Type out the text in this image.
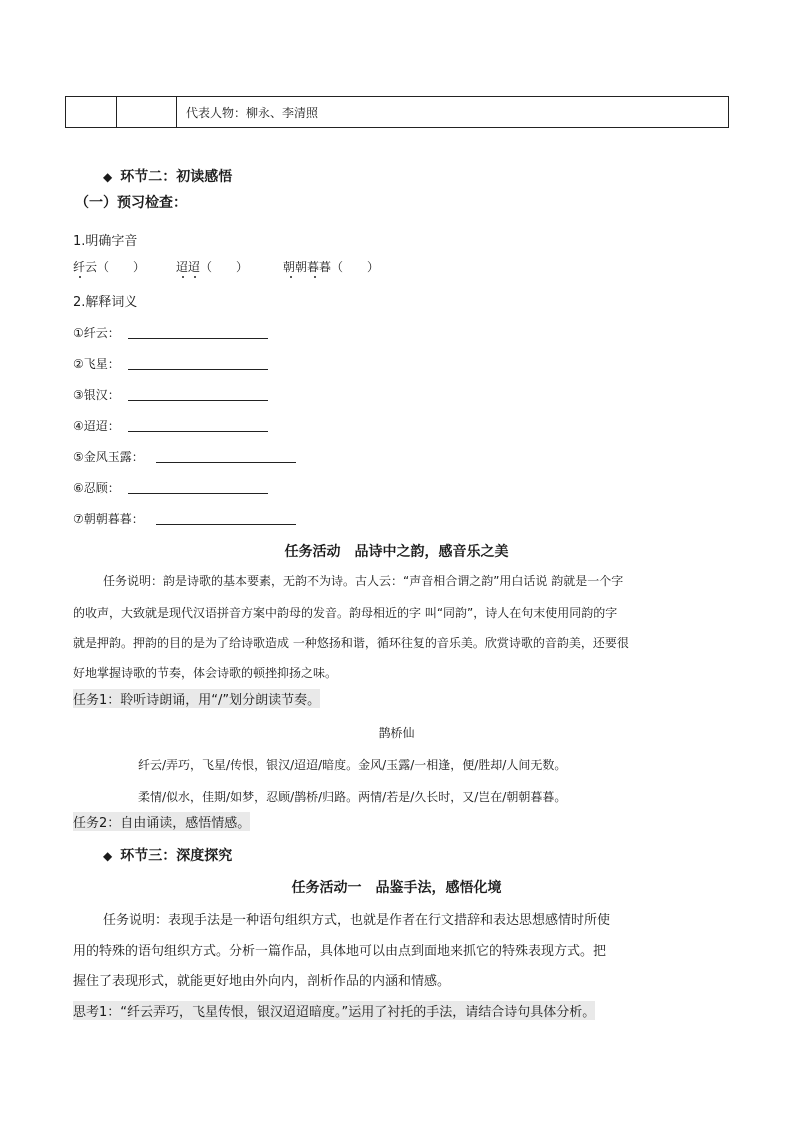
代表人物：柳永、李清照
◆ 环节二：初读感悟
（一）预习检查：
1.明确字音
纤云（　　）	迢迢（　　）	朝朝暮暮（　　）
2.解释词义
①纤云：
②飞星：
③银汉：
④迢迢：
⑤金风玉露：
⑥忍顾：
⑦朝朝暮暮：
任务活动　品诗中之韵，感音乐之美
任务说明：韵是诗歌的基本要素，无韵不为诗。古人云：“声音相合谓之韵”用白话说 韵就是一个字
的收声，大致就是现代汉语拼音方案中韵母的发音。韵母相近的字 叫“同韵”，诗人在句末使用同韵的字
就是押韵。押韵的目的是为了给诗歌造成 一种悠扬和谐，循环往复的音乐美。欣赏诗歌的音韵美，还要很
好地掌握诗歌的节奏，体会诗歌的顿挫抑扬之味。
任务1：聆听诗朗诵，用“/”划分朗读节奏。
鹊桥仙
纤云/弄巧，飞星/传恨，银汉/迢迢/暗度。金风/玉露/一相逢，便/胜却/人间无数。
柔情/似水，佳期/如梦，忍顾/鹊桥/归路。两情/若是/久长时，又/岂在/朝朝暮暮。
任务2：自由诵读，感悟情感。
◆ 环节三：深度探究
任务活动一　品鉴手法，感悟化境
任务说明：表现手法是一种语句组织方式，也就是作者在行文措辞和表达思想感情时所使
用的特殊的语句组织方式。分析一篇作品，具体地可以由点到面地来抓它的特殊表现方式。把
握住了表现形式，就能更好地由外向内，剖析作品的内涵和情感。
思考1：“纤云弄巧，飞星传恨，银汉迢迢暗度。”运用了衬托的手法，请结合诗句具体分析。
